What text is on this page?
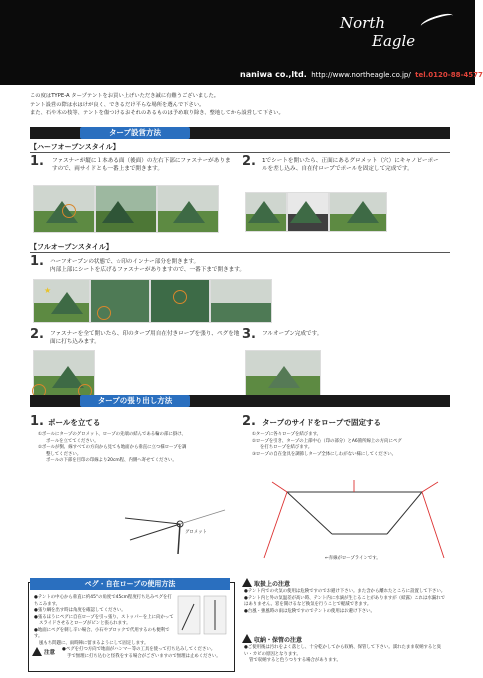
North
Eagle
naniwa co.,ltd. http://www.northeagle.co.jp/ tel.0120-88-4577
この度はTYPE-A タープテントをお買い上げいただき誠に有難うございました。
テント設営の際は水はけが良く、できるだけ平らな場所を選んで下さい。
また、石や木の枝等、テントを傷つけるおそれのあるものは予め取り除き、整地してから設営して下さい。
タープ設営方法
【ハーフオープンスタイル】
1. ファスナーが縦に１本ある面（後面）の左右下部にファスナーがありますので、両サイドとも一番上まで開きます。	2. 1でシートを開いたら、正面にあるグロメット（穴）にキャノピーポールを差し込み、自在付ロープでポールを固定して完成です。
【フルオープンスタイル】
1. ハーフオープンの状態で、☆印のインナー部分を開きます。
内部上部にシートを広げるファスナーがありますので、一番下まで開きます。
★
2. ファスナーを全て開いたら、印のタープ用自在付きロープを張り、ペグを地面に打ち込みます。	3. フルオープン完成です。
タープの張り出し方法
1. ポールを立てる
①ポールにタープのグロメット、ロープの先端の結んである輪の部に掛け、
ポールを立ててください。
②ポールが倒、線すべての方向から見ても地面から垂直に立つ様ロープを調
整してください。
ポールの下部を目印の印線より20cm程、内側へ寄せてください。
グロメット
2. タープのサイドをロープで固定する
①タープに各々ロープを結びます。
②ロープを引き、タープの上部中心（印の部分）とA6箇所線上の方向にペグ
を打ちロープを結びます。
③ロープの自在金具を調節しタープ全体にしわがない様にしてください。
←赤線がロープラインです。
ペグ・自在ロープの使用方法
●テントの中心から垂直に約45°の角度で45cm程度打ち込みペグを打ちこみます。
●張り綱を出す時は角度を確認してください。
●張るほうにペグに自在ロープを引っ張り、ストッパーを上に向かって
スライドさせるとロープがピンと張られます。
●地面にペグを刺し辛い場合、小石やブロックで代用するのも便利です。
風もち問題に、雨時陣に留まるようにして固定します。
注意
●ペグを打つ方向で地面がハンマー等の工具を使って打ち込みしてください。
手で無理に打ち込むと怪我をする場合がございますので無理は止めください。
取扱上の注意
●テント内での火気の使用は危険ですのでお避け下さい。また含から離れたところに設置して下さい。
●テント内と外の気温差が高い時、テント内に水滴が生じることがありますが（結露）これは水漏れではありません。窓を開けるなど換気を行うことで軽減できます。
●台風・強風時の雨は危険ですのでテントの使用はお避け下さい。
収納・保管の注意
●ご使用後は汚れをよく落とし、十分乾かしてから収納、保管して下さい。濡れたまま収納すると臭い・カビの原因となります。
管で収納すると色うつりする場合があります。
